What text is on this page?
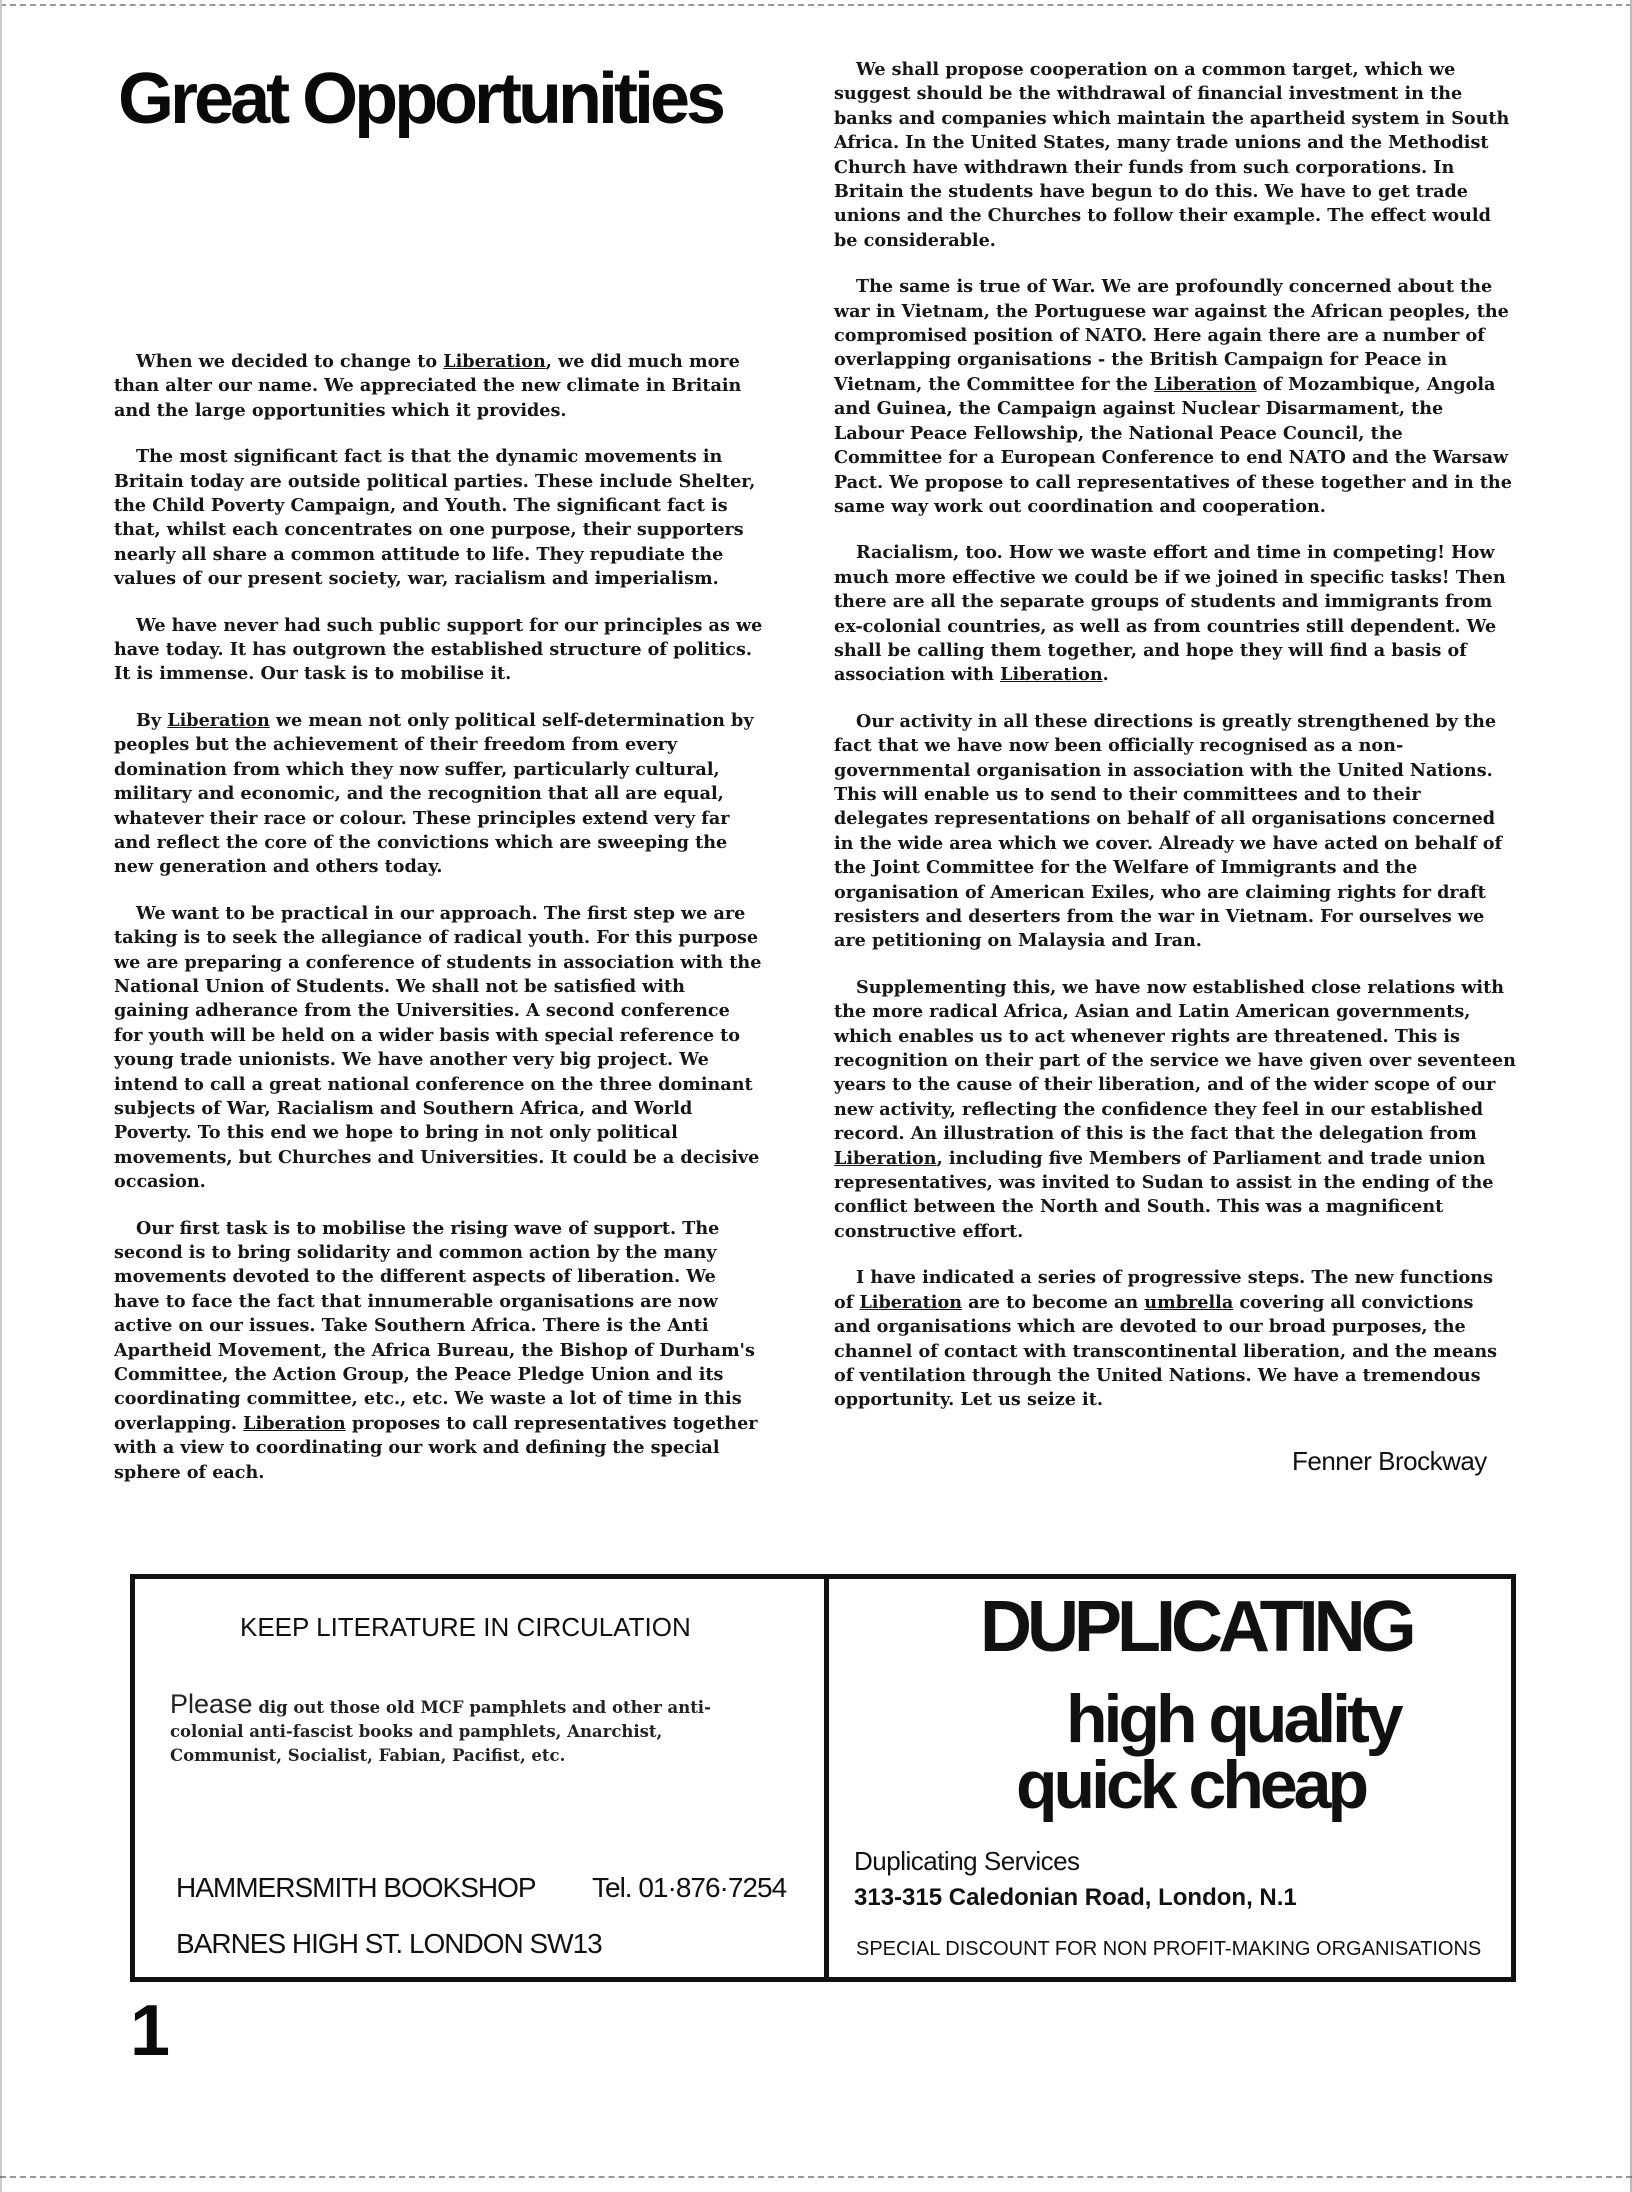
Great Opportunities

When we decided to change to Liberation, we did much more than alter our name. We appreciated the new climate in Britain and the large opportunities which it provides.

The most significant fact is that the dynamic movements in Britain today are outside political parties. These include Shelter, the Child Poverty Campaign, and Youth. The significant fact is that, whilst each concentrates on one purpose, their supporters nearly all share a common attitude to life. They repudiate the values of our present society, war, racialism and imperialism.

We have never had such public support for our principles as we have today. It has outgrown the established structure of politics. It is immense. Our task is to mobilise it.

By Liberation we mean not only political self-determination by peoples but the achievement of their freedom from every domination from which they now suffer, particularly cultural, military and economic, and the recognition that all are equal, whatever their race or colour. These principles extend very far and reflect the core of the convictions which are sweeping the new generation and others today.

We want to be practical in our approach. The first step we are taking is to seek the allegiance of radical youth. For this purpose we are preparing a conference of students in association with the National Union of Students. We shall not be satisfied with gaining adherance from the Universities. A second conference for youth will be held on a wider basis with special reference to young trade unionists. We have another very big project. We intend to call a great national conference on the three dominant subjects of War, Racialism and Southern Africa, and World Poverty. To this end we hope to bring in not only political movements, but Churches and Universities. It could be a decisive occasion.

Our first task is to mobilise the rising wave of support. The second is to bring solidarity and common action by the many movements devoted to the different aspects of liberation. We have to face the fact that innumerable organisations are now active on our issues. Take Southern Africa. There is the Anti Apartheid Movement, the Africa Bureau, the Bishop of Durham's Committee, the Action Group, the Peace Pledge Union and its coordinating committee, etc., etc. We waste a lot of time in this overlapping. Liberation proposes to call representatives together with a view to coordinating our work and defining the special sphere of each.

We shall propose cooperation on a common target, which we suggest should be the withdrawal of financial investment in the banks and companies which maintain the apartheid system in South Africa. In the United States, many trade unions and the Methodist Church have withdrawn their funds from such corporations. In Britain the students have begun to do this. We have to get trade unions and the Churches to follow their example. The effect would be considerable.

The same is true of War. We are profoundly concerned about the war in Vietnam, the Portuguese war against the African peoples, the compromised position of NATO. Here again there are a number of overlapping organisations - the British Campaign for Peace in Vietnam, the Committee for the Liberation of Mozambique, Angola and Guinea, the Campaign against Nuclear Disarmament, the Labour Peace Fellowship, the National Peace Council, the Committee for a European Conference to end NATO and the Warsaw Pact. We propose to call representatives of these together and in the same way work out coordination and cooperation.

Racialism, too. How we waste effort and time in competing! How much more effective we could be if we joined in specific tasks! Then there are all the separate groups of students and immigrants from ex-colonial countries, as well as from countries still dependent. We shall be calling them together, and hope they will find a basis of association with Liberation.

Our activity in all these directions is greatly strengthened by the fact that we have now been officially recognised as a non-governmental organisation in association with the United Nations. This will enable us to send to their committees and to their delegates representations on behalf of all organisations concerned in the wide area which we cover. Already we have acted on behalf of the Joint Committee for the Welfare of Immigrants and the organisation of American Exiles, who are claiming rights for draft resisters and deserters from the war in Vietnam. For ourselves we are petitioning on Malaysia and Iran.

Supplementing this, we have now established close relations with the more radical Africa, Asian and Latin American governments, which enables us to act whenever rights are threatened. This is recognition on their part of the service we have given over seventeen years to the cause of their liberation, and of the wider scope of our new activity, reflecting the confidence they feel in our established record. An illustration of this is the fact that the delegation from Liberation, including five Members of Parliament and trade union representatives, was invited to Sudan to assist in the ending of the conflict between the North and South. This was a magnificent constructive effort.

I have indicated a series of progressive steps. The new functions of Liberation are to become an umbrella covering all convictions and organisations which are devoted to our broad purposes, the channel of contact with transcontinental liberation, and the means of ventilation through the United Nations. We have a tremendous opportunity. Let us seize it.

Fenner Brockway
KEEP LITERATURE IN CIRCULATION
Please dig out those old MCF pamphlets and other anti-colonial anti-fascist books and pamphlets, Anarchist, Communist, Socialist, Fabian, Pacifist, etc.
HAMMERSMITH BOOKSHOP Tel. 01·876·7254
BARNES HIGH ST. LONDON SW13
DUPLICATING
high quality
quick cheap
Duplicating Services
313-315 Caledonian Road, London, N.1
SPECIAL DISCOUNT FOR NON PROFIT-MAKING ORGANISATIONS
1
